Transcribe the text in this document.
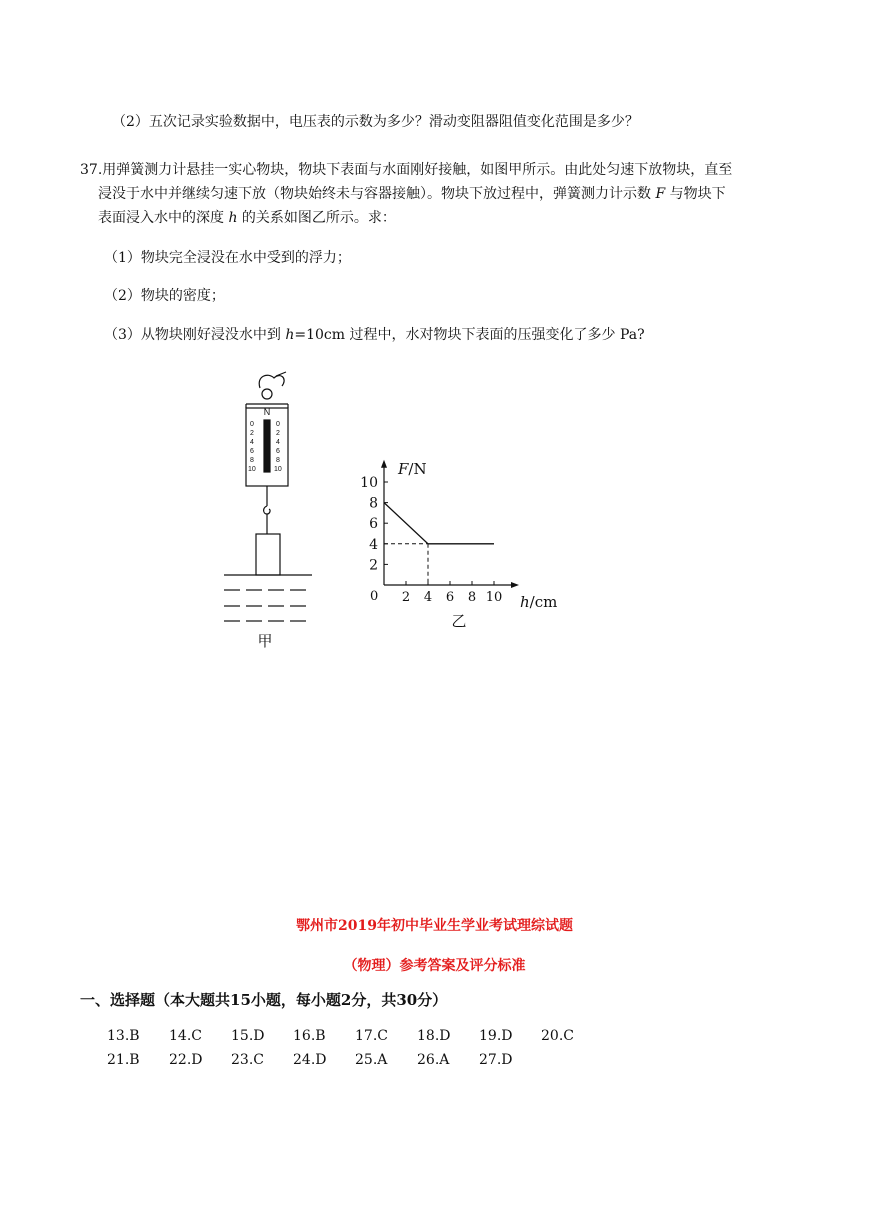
（2）五次记录实验数据中，电压表的示数为多少？滑动变阻器阻值变化范围是多少？
37.用弹簧测力计悬挂一实心物块，物块下表面与水面刚好接触，如图甲所示。由此处匀速下放物块，直至
浸没于水中并继续匀速下放（物块始终未与容器接触）。物块下放过程中，弹簧测力计示数 F 与物块下
表面浸入水中的深度 h 的关系如图乙所示。求：
（1）物块完全浸没在水中受到的浮力；
（2）物块的密度；
（3）从物块刚好浸没水中到 h=10cm 过程中，水对物块下表面的压强变化了多少 Pa?
N
0
2
4
6
8
10
0
2
4
6
8
10
甲
2 4 6 8 10
2
4
6
8
10
F/N
h/cm
0
乙
鄂州市2019年初中毕业生学业考试理综试题
（物理）参考答案及评分标准
一、选择题（本大题共15小题，每小题2分，共30分）
13.B	14.C	15.D	16.B	17.C	18.D	19.D	20.C
21.B	22.D	23.C	24.D	25.A	26.A	27.D
